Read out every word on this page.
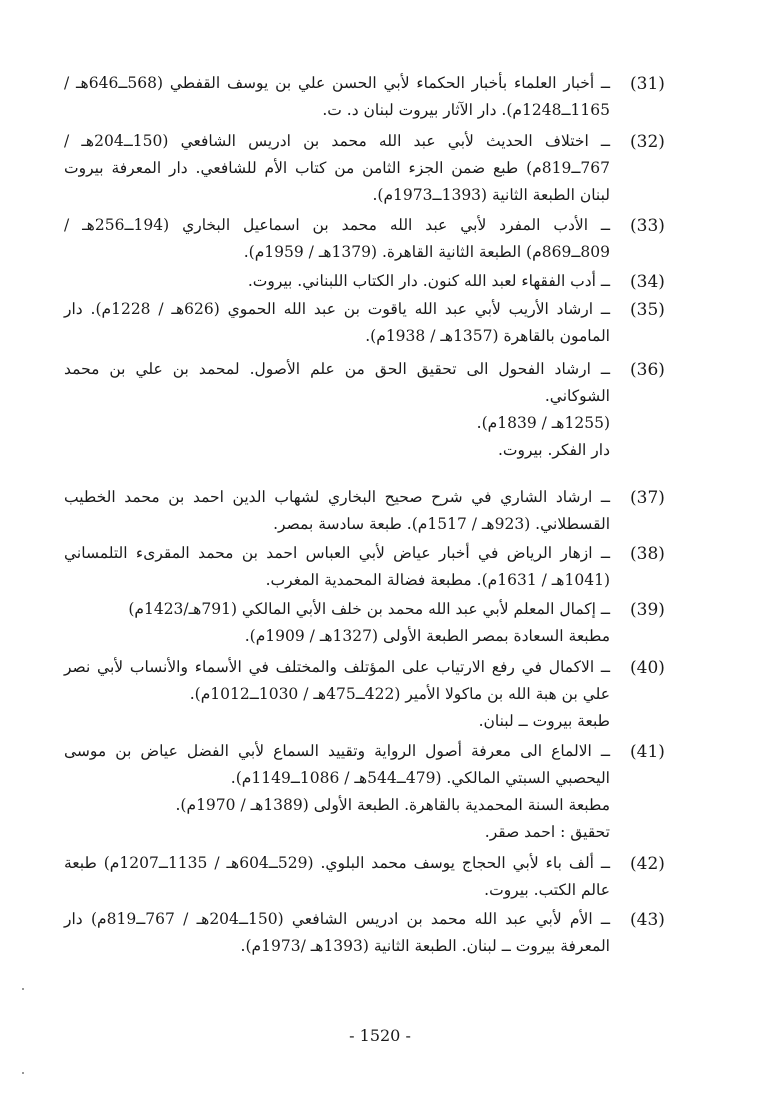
(31)

ــ أخبار العلماء بأخبار الحكماء لأبي الحسن علي بن يوسف القفطي (568ــ646هـ / 1165ــ1248م). دار الآثار بيروت لبنان د. ت.

(32)

ــ اختلاف الحديث لأبي عبد الله محمد بن ادريس الشافعي (150ــ204هـ / 767ــ819م) طبع ضمن الجزء الثامن من كتاب الأم للشافعي. دار المعرفة بيروت لبنان الطبعة الثانية (1393ــ1973م).

(33)

ــ الأدب المفرد لأبي عبد الله محمد بن اسماعيل البخاري (194ــ256هـ / 809ــ869م) الطبعة الثانية القاهرة. (1379هـ / 1959م).

(34)

ــ أدب الفقهاء لعبد الله كنون. دار الكتاب اللبناني. بيروت.

(35)

ــ ارشاد الأريب لأبي عبد الله ياقوت بن عبد الله الحموي (626هـ / 1228م). دار المامون بالقاهرة (1357هـ / 1938م).

(36)

ــ ارشاد الفحول الى تحقيق الحق من علم الأصول. لمحمد بن علي بن محمد الشوكاني.

(1255هـ / 1839م).

دار الفكر. بيروت.

(37)

ــ ارشاد الشاري في شرح صحيح البخاري لشهاب الدين احمد بن محمد الخطيب القسطلاني. (923هـ / 1517م). طبعة سادسة بمصر.

(38)

ــ ازهار الرياض في أخبار عياض لأبي العباس احمد بن محمد المقرىء التلمساني (1041هـ / 1631م). مطبعة فضالة المحمدية المغرب.

(39)

ــ إكمال المعلم لأبي عبد الله محمد بن خلف الأبي المالكي (791هـ/1423م)

مطبعة السعادة بمصر الطبعة الأولى (1327هـ / 1909م).

(40)

ــ الاكمال في رفع الارتياب على المؤتلف والمختلف في الأسماء والأنساب لأبي نصر علي بن هبة الله بن ماكولا الأمير (422ــ475هـ / 1030ــ1012م).

طبعة بيروت ــ لبنان.

(41)

ــ الالماع الى معرفة أصول الرواية وتقييد السماع لأبي الفضل عياض بن موسى اليحصبي السبتي المالكي. (479ــ544هـ / 1086ــ1149م).

مطبعة السنة المحمدية بالقاهرة. الطبعة الأولى (1389هـ / 1970م).

تحقيق : احمد صقر.

(42)

ــ ألف باء لأبي الحجاج يوسف محمد البلوي. (529ــ604هـ / 1135ــ1207م) طبعة عالم الكتب. بيروت.

(43)

ــ الأم لأبي عبد الله محمد بن ادريس الشافعي (150ــ204هـ / 767ــ819م) دار المعرفة بيروت ــ لبنان. الطبعة الثانية (1393هـ /1973م).

- 1520 -
